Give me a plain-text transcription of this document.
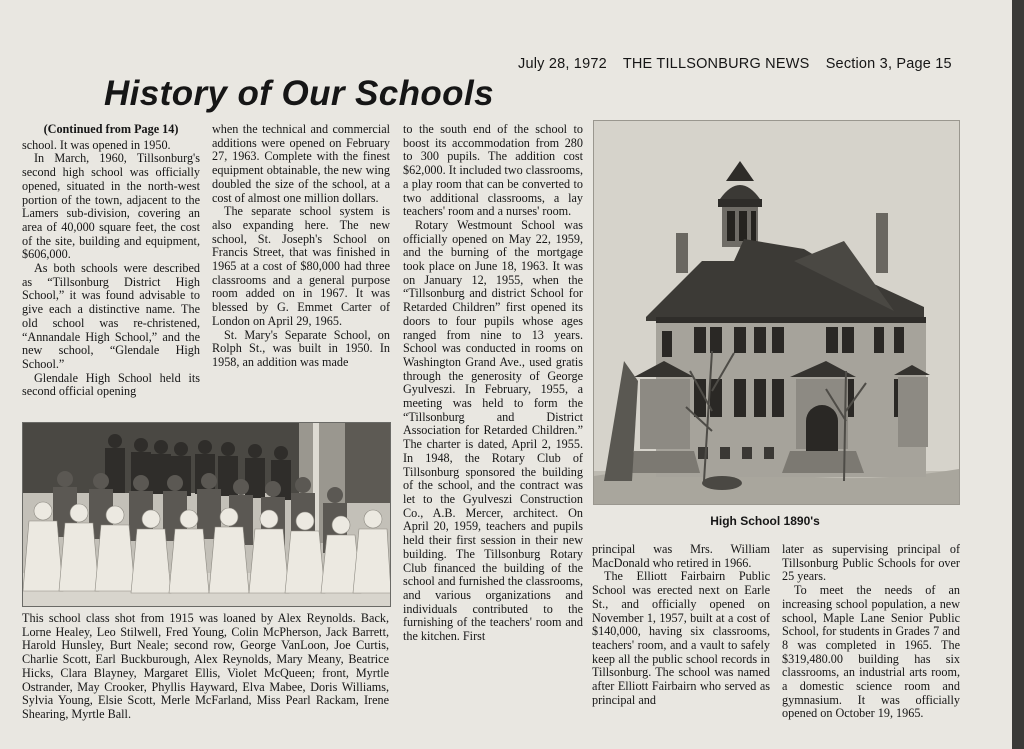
July 28, 1972 THE TILLSONBURG NEWS Section 3, Page 15
History of Our Schools
(Continued from Page 14)

school. It was opened in 1950.

In March, 1960, Tillsonburg's second high school was officially opened, situated in the north-west portion of the town, adjacent to the Lamers sub-division, covering an area of 40,000 square feet, the cost of the site, building and equipment, $606,000.

As both schools were described as “Tillsonburg District High School,” it was found advisable to give each a distinctive name. The old school was re-christened, “Annandale High School,” and the new school, “Glendale High School.”

Glendale High School held its second official opening

when the technical and commercial additions were opened on February 27, 1963. Complete with the finest equipment obtainable, the new wing doubled the size of the school, at a cost of almost one million dollars.

The separate school system is also expanding here. The new school, St. Joseph's School on Francis Street, that was finished in 1965 at a cost of $80,000 had three classrooms and a general purpose room added on in 1967. It was blessed by G. Emmet Carter of London on April 29, 1965.

St. Mary's Separate School, on Rolph St., was built in 1950. In 1958, an addition was made

to the south end of the school to boost its accommodation from 280 to 300 pupils. The addition cost $62,000. It included two classrooms, a play room that can be converted to two additional classrooms, a lay teachers' room and a nurses' room.

Rotary Westmount School was officially opened on May 22, 1959, and the burning of the mortgage took place on June 18, 1963. It was on January 12, 1955, when the “Tillsonburg and district School for Retarded Children” first opened its doors to four pupils whose ages ranged from nine to 13 years. School was conducted in rooms on Washington Grand Ave., used gratis through the generosity of George Gyulveszi. In February, 1955, a meeting was held to form the “Tillsonburg and District Association for Retarded Children.” The charter is dated, April 2, 1955. In 1948, the Rotary Club of Tillsonburg sponsored the building of the school, and the contract was let to the Gyulveszi Construction Co., A.B. Mercer, architect. On April 20, 1959, teachers and pupils held their first session in their new building. The Tillsonburg Rotary Club financed the building of the school and furnished the classrooms, and various organizations and individuals contributed to the furnishing of the teachers' room and the kitchen. First

principal was Mrs. William MacDonald who retired in 1966.

The Elliott Fairbairn Public School was erected next on Earle St., and officially opened on November 1, 1957, built at a cost of $140,000, having six classrooms, teachers' room, and a vault to safely keep all the public school records in Tillsonburg. The school was named after Elliott Fairbairn who served as principal and

later as supervising principal of Tillsonburg Public Schools for over 25 years.

To meet the needs of an increasing school population, a new school, Maple Lane Senior Public School, for students in Grades 7 and 8 was completed in 1965. The $319,480.00 building has six classrooms, an industrial arts room, a domestic science room and gymnasium. It was officially opened on October 19, 1965.

This school class shot from 1915 was loaned by Alex Reynolds. Back, Lorne Healey, Leo Stilwell, Fred Young, Colin McPherson, Jack Barrett, Harold Hunsley, Burt Neale; second row, George VanLoon, Joe Curtis, Charlie Scott, Earl Buckburough, Alex Reynolds, Mary Meany, Beatrice Hicks, Clara Blayney, Margaret Ellis, Violet McQueen; front, Myrtle Ostrander, May Crooker, Phyllis Hayward, Elva Mabee, Doris Williams, Sylvia Young, Elsie Scott, Merle McFarland, Miss Pearl Rackam, Irene Shearing, Myrtle Ball.
High School 1890's
